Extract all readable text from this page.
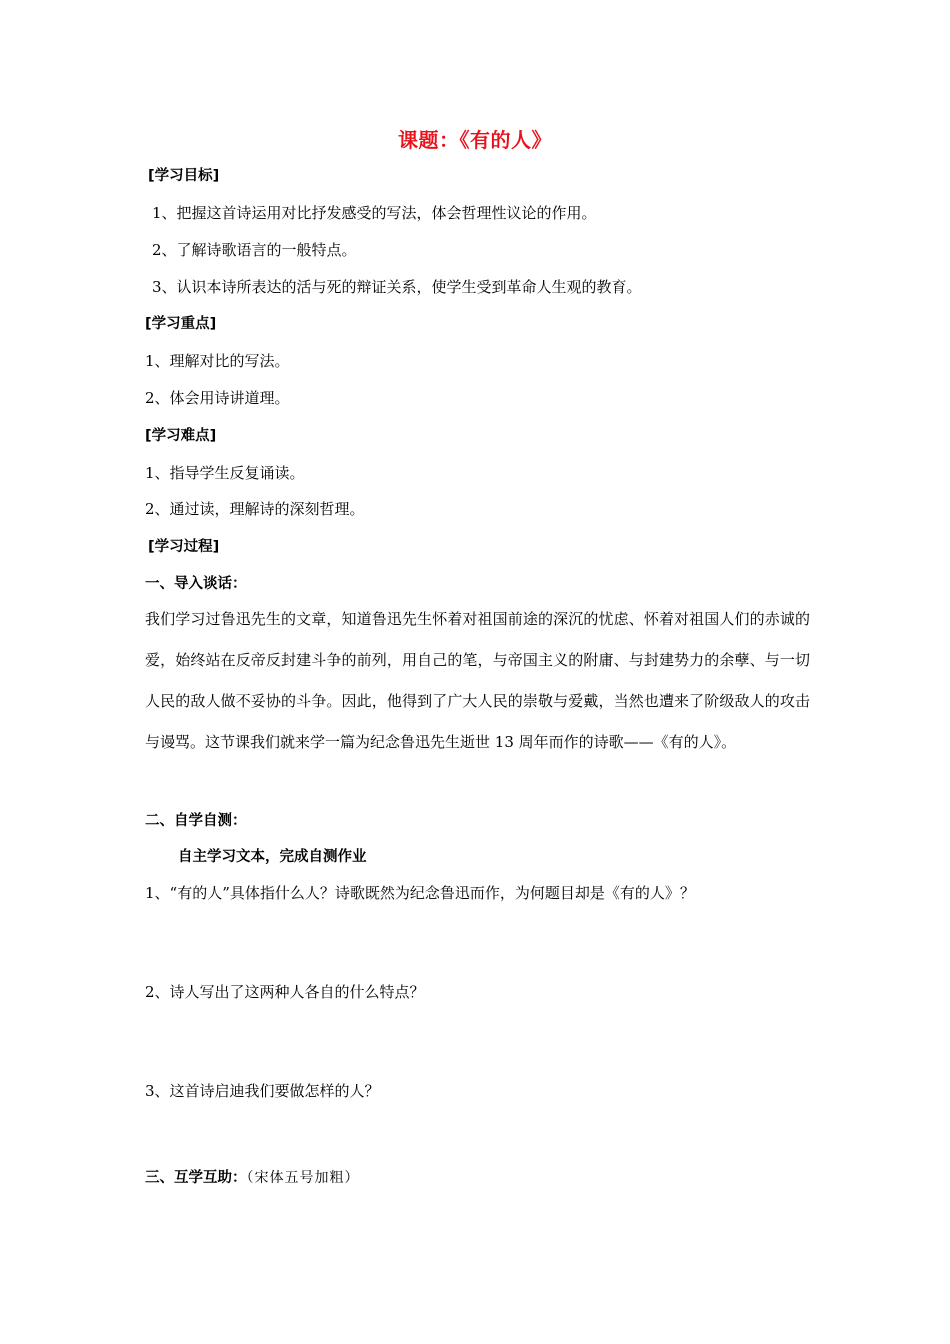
课题：《有的人》
[学习目标]
1、把握这首诗运用对比抒发感受的写法，体会哲理性议论的作用。
2、了解诗歌语言的一般特点。
3、认识本诗所表达的活与死的辩证关系，使学生受到革命人生观的教育。
[学习重点]
1、理解对比的写法。
2、体会用诗讲道理。
[学习难点]
1、指导学生反复诵读。
2、通过读，理解诗的深刻哲理。
[学习过程]
一、导入谈话：
我们学习过鲁迅先生的文章，知道鲁迅先生怀着对祖国前途的深沉的忧虑、怀着对祖国人们的赤诚的爱，始终站在反帝反封建斗争的前列，用自己的笔，与帝国主义的附庸、与封建势力的余孽、与一切人民的敌人做不妥协的斗争。因此，他得到了广大人民的崇敬与爱戴，当然也遭来了阶级敌人的攻击与谩骂。这节课我们就来学一篇为纪念鲁迅先生逝世 13 周年而作的诗歌——《有的人》。
二、自学自测：
自主学习文本，完成自测作业
1、“有的人”具体指什么人？诗歌既然为纪念鲁迅而作，为何题目却是《有的人》？
2、诗人写出了这两种人各自的什么特点？
3、这首诗启迪我们要做怎样的人？
三、互学互助：（宋体五号加粗）
